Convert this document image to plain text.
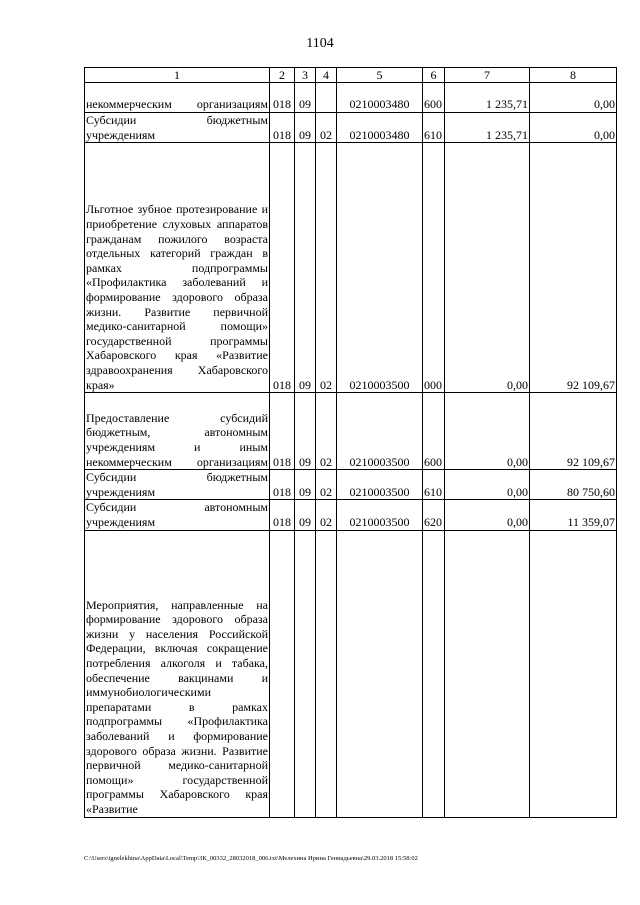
1104
1	2	3	4	5	6	7	8
некоммерческим организациям	018	09		0210003480	600	1 235,71	0,00
Субсидии бюджетным учреждениям	018	09	02	0210003480	610	1 235,71	0,00
Льготное зубное протезирование и приобретение слуховых аппаратов гражданам пожилого возраста отдельных категорий граждан в рамках подпрограммы «Профилактика заболеваний и формирование здорового образа жизни. Развитие первичной медико-санитарной помощи» государственной программы Хабаровского края «Развитие здравоохранения Хабаровского края»	018	09	02	0210003500	000	0,00	92 109,67
Предоставление субсидий бюджетным, автономным учреждениям и иным некоммерческим организациям	018	09	02	0210003500	600	0,00	92 109,67
Субсидии бюджетным учреждениям	018	09	02	0210003500	610	0,00	80 750,60
Субсидии автономным учреждениям	018	09	02	0210003500	620	0,00	11 359,07
Мероприятия, направленные на формирование здорового образа жизни у населения Российской Федерации, включая сокращение потребления алкоголя и табака, обеспечение вакцинами и иммунобиологическими препаратами в рамках подпрограммы «Профилактика заболеваний и формирование здорового образа жизни. Развитие первичной медико-санитарной помощи» государственной программы Хабаровского края «Развитие							
C:\Users\ignelekhina\AppData\Local\Temp\ЗК_00332_28032018_006.txt\Мелехина Ирина Геннадьевна\29.03.2018 15:58:02
